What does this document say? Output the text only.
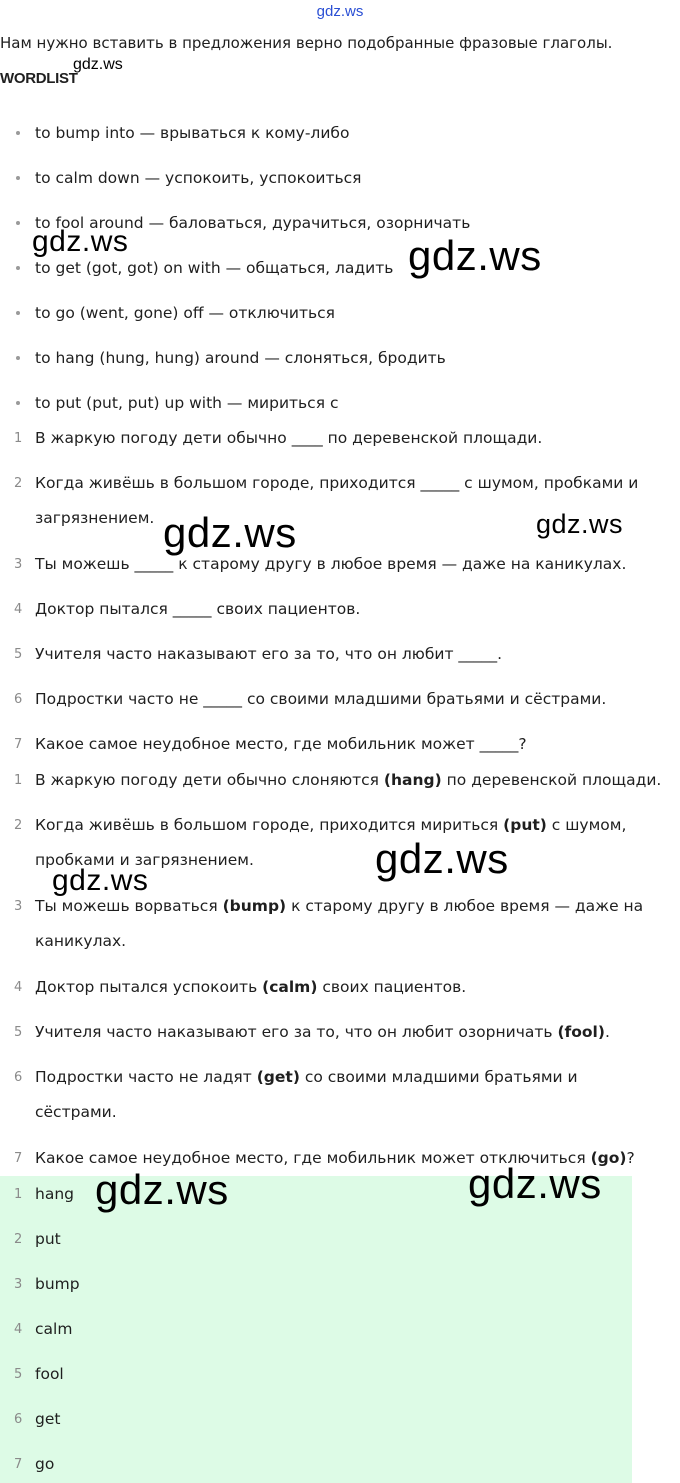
gdz.ws
Нам нужно вставить в предложения верно подобранные фразовые глаголы.
WORDLIST
gdz.ws
to bump into — врываться к кому-либо
to calm down — успокоить, успокоиться
to fool around — баловаться, дурачиться, озорничать
to get (got, got) on with — общаться, ладить
to go (went, gone) off — отключиться
to hang (hung, hung) around — слоняться, бродить
to put (put, put) up with — мириться с
1 В жаркую погоду дети обычно ____ по деревенской площади.
2 Когда живёшь в большом городе, приходится _____ с шумом, пробками и
загрязнением.
3 Ты можешь _____ к старому другу в любое время — даже на каникулах.
4 Доктор пытался _____ своих пациентов.
5 Учителя часто наказывают его за то, что он любит _____.
6 Подростки часто не _____ со своими младшими братьями и сёстрами.
7 Какое самое неудобное место, где мобильник может _____?
1 В жаркую погоду дети обычно слоняются (hang) по деревенской площади.
2 Когда живёшь в большом городе, приходится мириться (put) с шумом,
пробками и загрязнением.
3 Ты можешь ворваться (bump) к старому другу в любое время — даже на
каникулах.
4 Доктор пытался успокоить (calm) своих пациентов.
5 Учителя часто наказывают его за то, что он любит озорничать (fool).
6 Подростки часто не ладят (get) со своими младшими братьями и
сёстрами.
7 Какое самое неудобное место, где мобильник может отключиться (go)?
1 hang
2 put
3 bump
4 calm
5 fool
6 get
7 go
gdz.ws	gdz.ws
gdz.ws	gdz.ws
gdz.ws
gdz.ws
gdz.ws	gdz.ws
